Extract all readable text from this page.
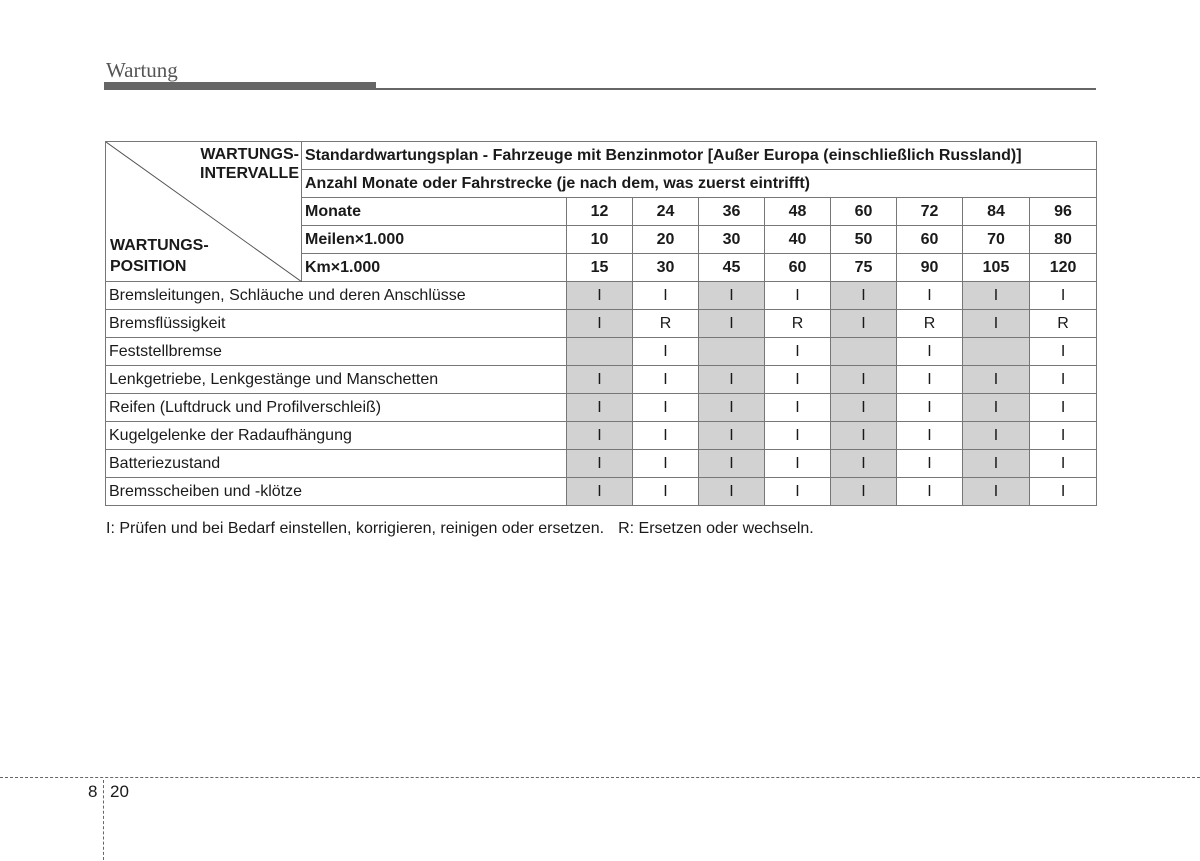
Wartung
WARTUNGS-
INTERVALLE
WARTUNGS-
POSITION	Standardwartungsplan - Fahrzeuge mit Benzinmotor [Außer Europa (einschließlich Russland)]								
	Anzahl Monate oder Fahrstrecke (je nach dem, was zuerst eintrifft)								
	Monate	12	24	36	48	60	72	84	96
	Meilen×1.000	10	20	30	40	50	60	70	80
	Km×1.000	15	30	45	60	75	90	105	120
Bremsleitungen, Schläuche und deren Anschlüsse		I	I	I	I	I	I	I	I
Bremsflüssigkeit		I	R	I	R	I	R	I	R
Feststellbremse			I		I		I		I
Lenkgetriebe, Lenkgestänge und Manschetten		I	I	I	I	I	I	I	I
Reifen (Luftdruck und Profilverschleiß)		I	I	I	I	I	I	I	I
Kugelgelenke der Radaufhängung		I	I	I	I	I	I	I	I
Batteriezustand		I	I	I	I	I	I	I	I
Bremsscheiben und -klötze		I	I	I	I	I	I	I	I
I: Prüfen und bei Bedarf einstellen, korrigieren, reinigen oder ersetzen. R: Ersetzen oder wechseln.
8 20
